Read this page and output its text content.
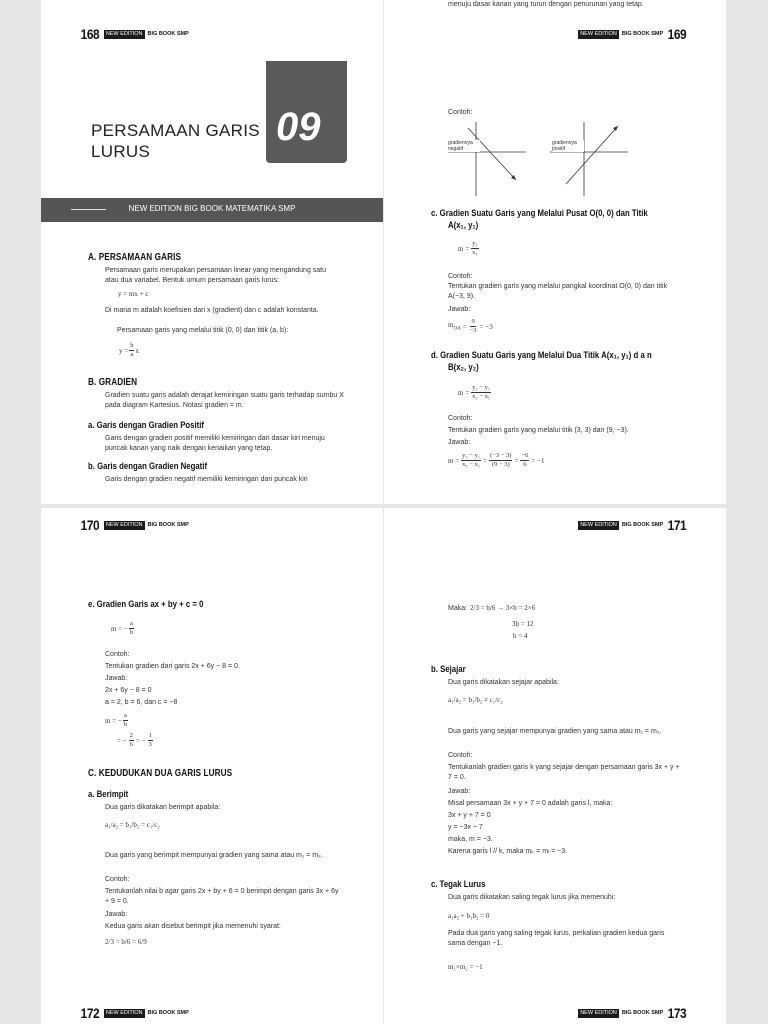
168	NEW EDITION BIG BOOK SMP
PERSAMAAN GARIS
LURUS
09
NEW EDITION BIG BOOK MATEMATIKA SMP
A. PERSAMAAN GARIS
Persamaan garis merupakan persamaan linear yang mengandung satu atau dua variabel. Bentuk umum persamaan garis lurus:
y = mx + c
Di mana m adalah koefisien dari x (gradient) dan c adalah konstanta.
Persamaan garis yang melalui titik (0, 0) dan titik (a, b):
$y = \frac{b}{a}$ x
B. GRADIEN
Gradien suatu garis adalah derajat kemiringan suatu garis terhadap sumbu X pada diagram Kartesius. Notasi gradien = m.
a. Garis dengan Gradien Positif
Garis dengan gradien positif memiliki kemiringan dari dasar kiri menuju puncak kanan yang naik dengan kenaikan yang tetap.
b. Garis dengan Gradien Negatif
Garis dengan gradien negatif memiliki kemiringan dari puncak kiri
menuju dasar kanan yang turun dengan penurunan yang tetap.
NEW EDITION BIG BOOK SMP 169
Contoh:
gradiennya negatif
gradiennya positif
c. Gradien Suatu Garis yang Melalui Pusat O(0, 0) dan Titik
A(x₁, y₁)
$m = \frac{\text{y₁}}{\text{x₁}}$
Contoh:
Tentukan gradien garis yang melalui pangkal koordinat O(0, 0) dan titik A(−3, 9).
Jawab:
$m_{OA} = \frac{9}{-3} = -3$
d. Gradien Suatu Garis yang Melalui Dua Titik A(x₁, y₁) d a n
B(x₂, y₂)
$m = \frac{\text{y₂ − y₁}}{\text{x₂ − x₁}}$
Contoh:
Tentukan gradien garis yang melalui titik (3, 3) dan (9, −3).
Jawab:
$m = \frac{\text{y₂ − y₁}}{\text{x₂ − x₁}} = \frac{(-3 - 3)}{(9 - 3)} = \frac{-6}{6} = -1$
170	NEW EDITION BIG BOOK SMP
e. Gradien Garis ax + by + c = 0
m = − $\frac{a}{b}$
Contoh:
Tentukan gradien dari garis 2x + 6y − 8 = 0.
Jawab:
2x + 6y − 8 = 0
a = 2, b = 6, dan c = −8
m = − $\frac{a}{b}$
= − $\frac{2}{6}$ = − $\frac{1}{3}$
C. KEDUDUKAN DUA GARIS LURUS
a. Berimpit
Dua garis dikatakan berimpit apabila:
a₁/a₂ = b₁/b₂ = c₁/c₂
Dua garis yang berimpit mempunyai gradien yang sama atau m₁ = m₂.
Contoh:
Tentukanlah nilai b agar garis 2x + by + 6 = 0 berimpit dengan garis 3x + 6y + 9 = 0.
Jawab:
Kedua garis akan disebut berimpit jika memenuhi syarat:
2/3 = b/6 = 6/9
172	NEW EDITION BIG BOOK SMP
NEW EDITION BIG BOOK SMP 171
Maka: 2/3 = b/6 → 3×b = 2×6
3b = 12
b = 4
b. Sejajar
Dua garis dikatakan sejajar apabila:
a₁/a₂ = b₁/b₂ ≠ c₁/c₂
Dua garis yang sejajar mempunyai gradien yang sama atau m₁ = m₂.
Contoh:
Tentukanlah gradien garis k yang sejajar dengan persamaan garis 3x + y + 7 = 0.
Jawab:
Misal persamaan 3x + y + 7 = 0 adalah garis l, maka:
3x + y + 7 = 0
y = −3x − 7
maka, m = −3.
Karena garis l // k, maka mₖ = mₗ = −3.
c. Tegak Lurus
Dua garis dikatakan saling tegak lurus jika memenuhi:
a₁a₂ + b₁b₂ = 0
Pada dua garis yang saling tegak lurus, perkalian gradien kedua garis sama dengan −1.
m₁×m₂ = −1
NEW EDITION BIG BOOK SMP 173
